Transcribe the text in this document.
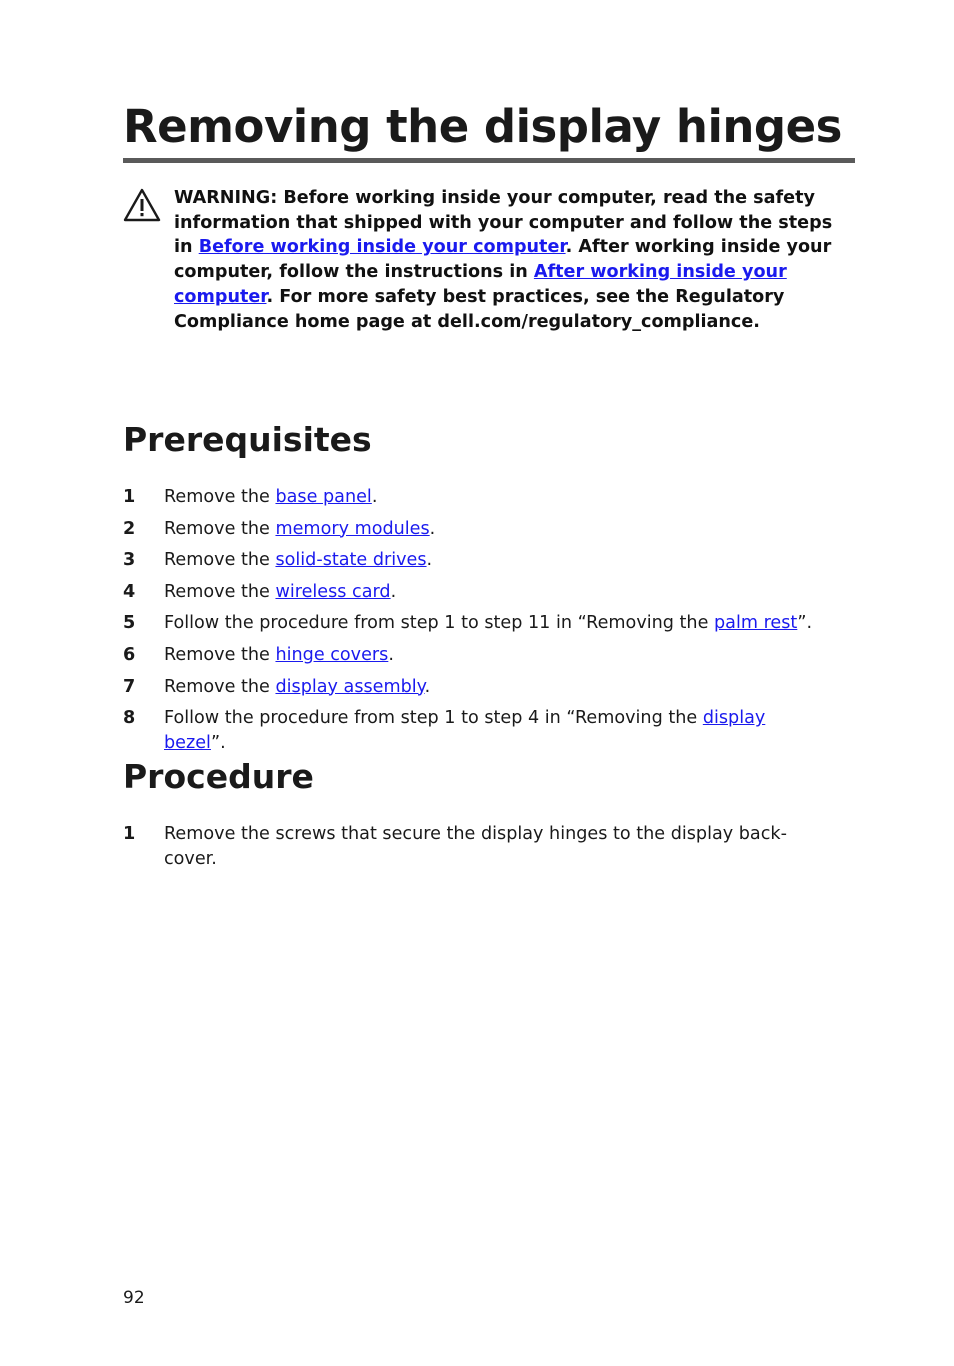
Removing the display hinges
WARNING: Before working inside your computer, read the safety information that shipped with your computer and follow the steps in Before working inside your computer. After working inside your computer, follow the instructions in After working inside your computer. For more safety best practices, see the Regulatory Compliance home page at dell.com/regulatory_compliance.
Prerequisites
1 Remove the base panel.
2 Remove the memory modules.
3 Remove the solid-state drives.
4 Remove the wireless card.
5 Follow the procedure from step 1 to step 11 in “Removing the palm rest”.
6 Remove the hinge covers.
7 Remove the display assembly.
8 Follow the procedure from step 1 to step 4 in “Removing the display bezel”.
Procedure
1 Remove the screws that secure the display hinges to the display back-cover.
92
